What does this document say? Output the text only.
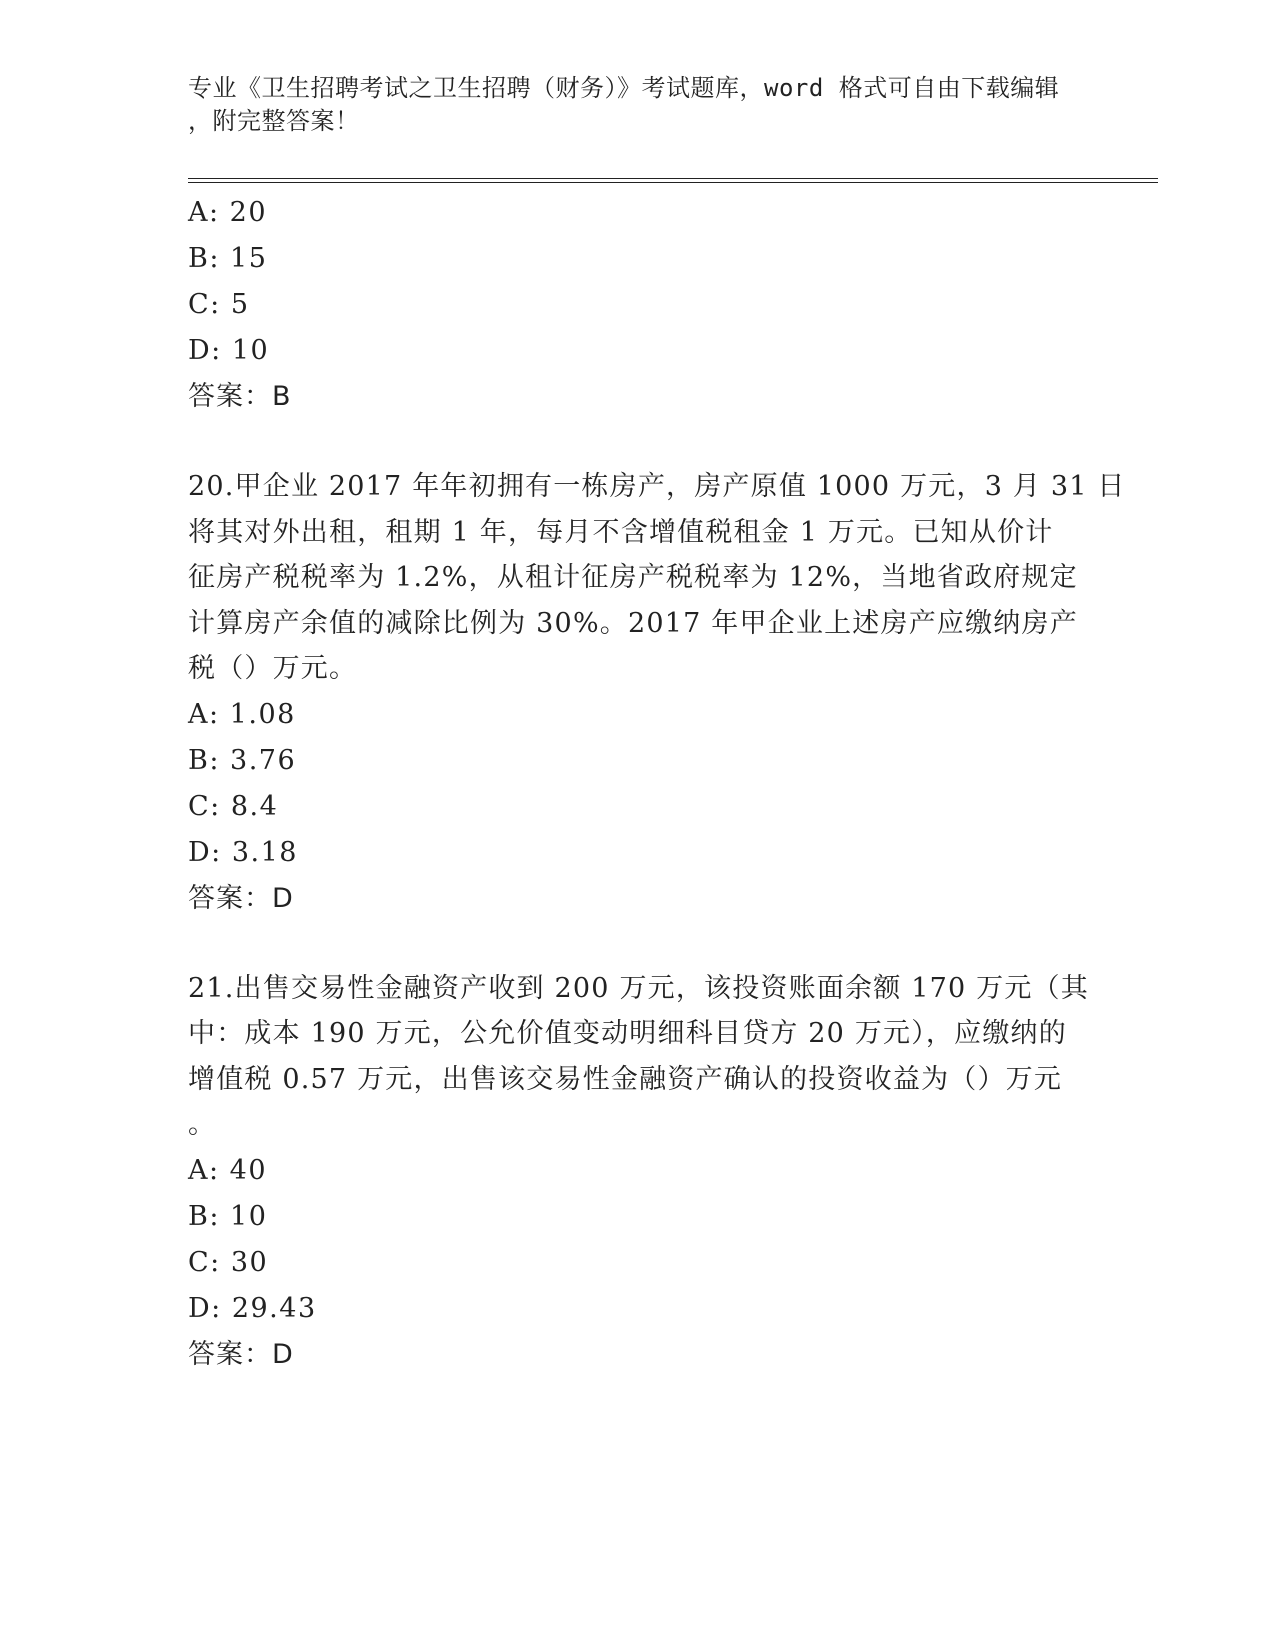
专业《卫生招聘考试之卫生招聘（财务）》考试题库，word 格式可自由下载编辑
，附完整答案！
A: 20
B: 15
C: 5
D: 10
答案：B
20.甲企业 2017 年年初拥有一栋房产，房产原值 1000 万元，3 月 31 日
将其对外出租，租期 1 年，每月不含增值税租金 1 万元。已知从价计
征房产税税率为 1.2%，从租计征房产税税率为 12%，当地省政府规定
计算房产余值的减除比例为 30%。2017 年甲企业上述房产应缴纳房产
税（）万元。
A: 1.08
B: 3.76
C: 8.4
D: 3.18
答案：D
21.出售交易性金融资产收到 200 万元，该投资账面余额 170 万元（其
中：成本 190 万元，公允价值变动明细科目贷方 20 万元），应缴纳的
增值税 0.57 万元，出售该交易性金融资产确认的投资收益为（）万元
。
A: 40
B: 10
C: 30
D: 29.43
答案：D
